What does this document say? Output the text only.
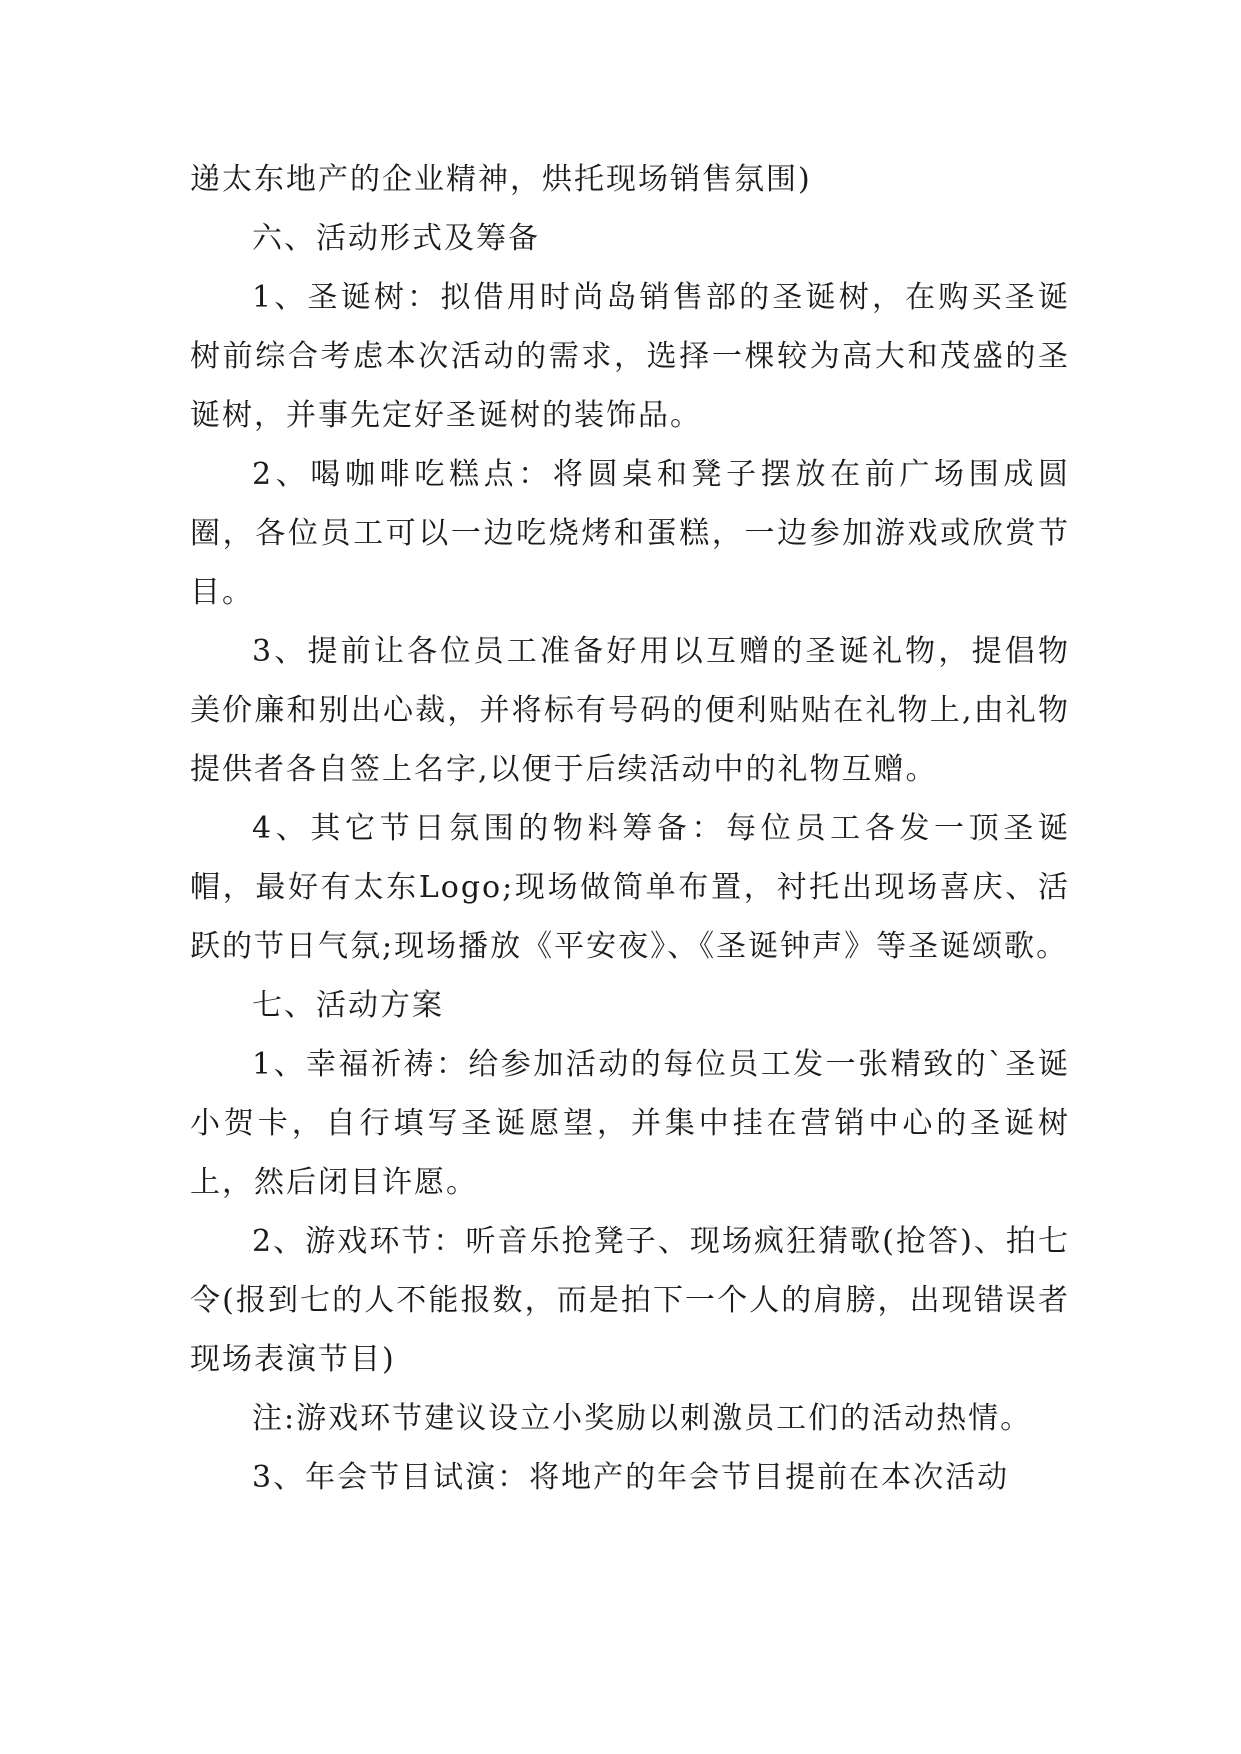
递太东地产的企业精神，烘托现场销售氛围)

六、活动形式及筹备

1、圣诞树：拟借用时尚岛销售部的圣诞树，在购买圣诞树前综合考虑本次活动的需求，选择一棵较为高大和茂盛的圣诞树，并事先定好圣诞树的装饰品。

2、喝咖啡吃糕点：将圆桌和凳子摆放在前广场围成圆圈，各位员工可以一边吃烧烤和蛋糕，一边参加游戏或欣赏节目。

3、提前让各位员工准备好用以互赠的圣诞礼物，提倡物美价廉和别出心裁，并将标有号码的便利贴贴在礼物上,由礼物提供者各自签上名字,以便于后续活动中的礼物互赠。

4、其它节日氛围的物料筹备：每位员工各发一顶圣诞帽，最好有太东Logo;现场做简单布置，衬托出现场喜庆、活跃的节日气氛;现场播放《平安夜》、《圣诞钟声》等圣诞颂歌。

七、活动方案

1、幸福祈祷：给参加活动的每位员工发一张精致的`圣诞小贺卡，自行填写圣诞愿望，并集中挂在营销中心的圣诞树上，然后闭目许愿。

2、游戏环节：听音乐抢凳子、现场疯狂猜歌(抢答)、拍七令(报到七的人不能报数，而是拍下一个人的肩膀，出现错误者现场表演节目)

注:游戏环节建议设立小奖励以刺激员工们的活动热情。

3、年会节目试演：将地产的年会节目提前在本次活动
